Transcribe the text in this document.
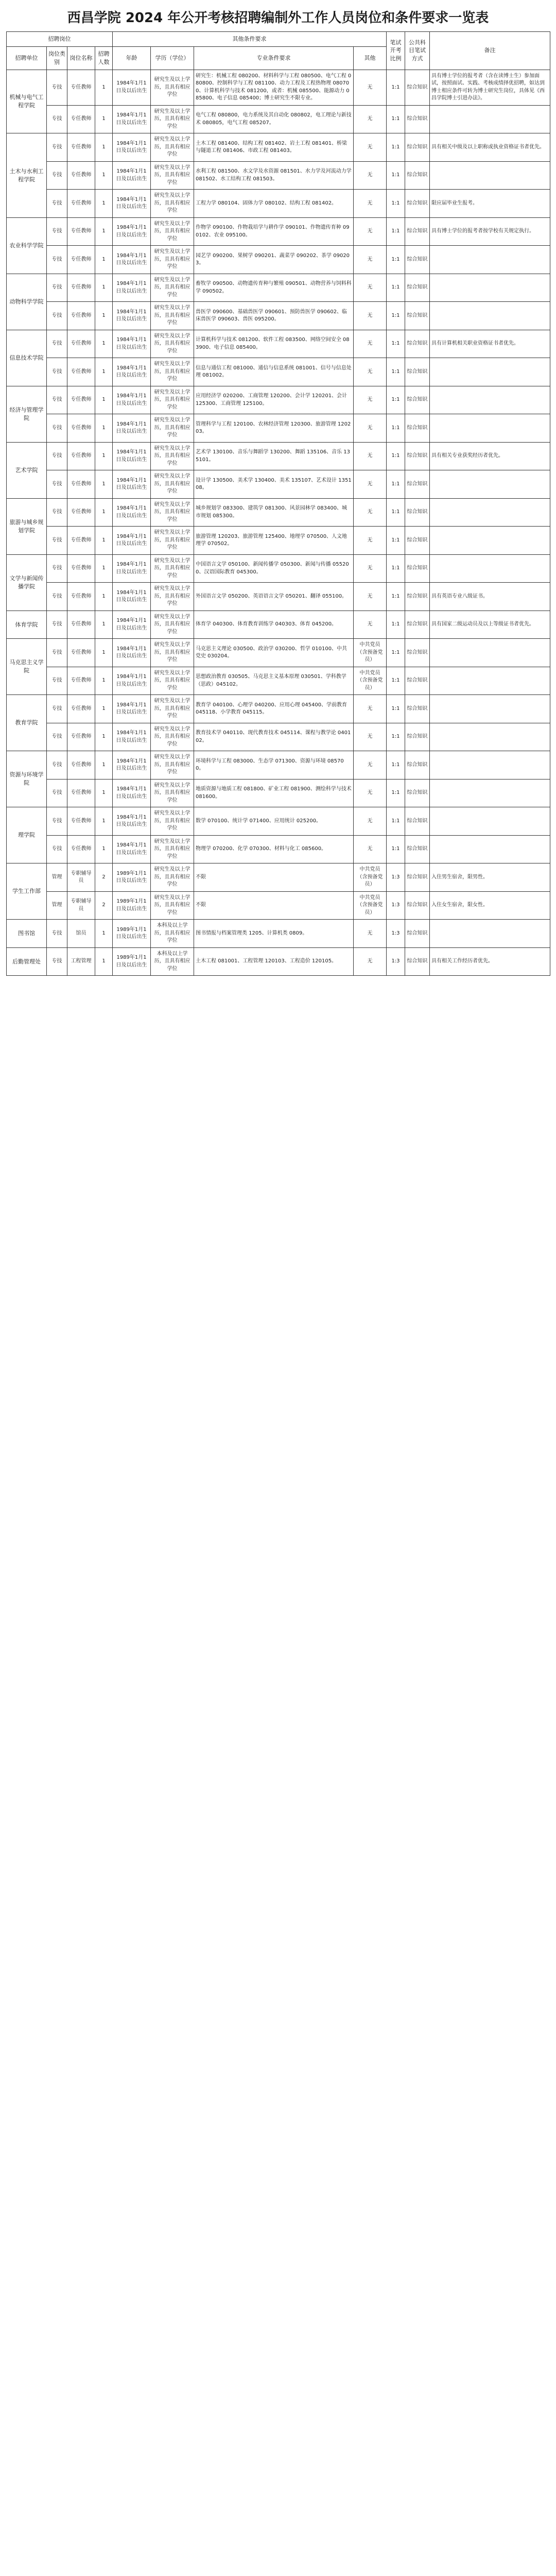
西昌学院 2024 年公开考核招聘编制外工作人员岗位和条件要求一览表
招聘岗位				其他条件要求				笔试开考比例	公共科目笔试方式	备注
招聘单位	岗位类别	岗位名称	招聘人数	年龄	学历（学位）	专业条件要求	其他			
机械与电气工程学院	专技	专任教师	1	1984年1月1日及以后出生	研究生及以上学历，且具有相应学位	研究生：机械工程 080200、材料科学与工程 080500、电气工程 080800、控制科学与工程 081100、动力工程及工程热物理 080700、计算机科学与技术 081200，或者：机械 085500、能源动力 085800、电子信息 085400；博士研究生不限专业。	无	1:1	综合知识	具有博士学位的报考者（含在读博士生）参加面试，按照面试、实践、考核成绩择优招聘，如达到博士相应条件可转为博士研究生岗位，具体见《西昌学院博士引进办法》。
	专技	专任教师	1	1984年1月1日及以后出生	研究生及以上学历，且具有相应学位	电气工程 080800，电力系统及其自动化 080802，电工理论与新技术 080805，电气工程 085207。	无	1:1	综合知识	
土木与水利工程学院	专技	专任教师	1	1984年1月1日及以后出生	研究生及以上学历，且具有相应学位	土木工程 081400、结构工程 081402、岩土工程 081401、桥梁与隧道工程 081406、市政工程 081403。	无	1:1	综合知识	具有相关中级及以上职称或执业资格证书者优先。
	专技	专任教师	1	1984年1月1日及以后出生	研究生及以上学历，且具有相应学位	水利工程 081500、水文学及水资源 081501、水力学及河流动力学 081502、水工结构工程 081503。	无	1:1	综合知识	
	专技	专任教师	1	1984年1月1日及以后出生	研究生及以上学历，且具有相应学位	工程力学 080104、固体力学 080102、结构工程 081402。	无	1:1	综合知识	限应届毕业生报考。
农业科学学院	专技	专任教师	1	1984年1月1日及以后出生	研究生及以上学历，且具有相应学位	作物学 090100、作物栽培学与耕作学 090101、作物遗传育种 090102、农业 095100。	无	1:1	综合知识	具有博士学位的报考者按学校有关规定执行。
	专技	专任教师	1	1984年1月1日及以后出生	研究生及以上学历，且具有相应学位	园艺学 090200、果树学 090201、蔬菜学 090202、茶学 090203。	无	1:1	综合知识	
动物科学学院	专技	专任教师	1	1984年1月1日及以后出生	研究生及以上学历，且具有相应学位	畜牧学 090500、动物遗传育种与繁殖 090501、动物营养与饲料科学 090502。	无	1:1	综合知识	
	专技	专任教师	1	1984年1月1日及以后出生	研究生及以上学历，且具有相应学位	兽医学 090600、基础兽医学 090601、预防兽医学 090602、临床兽医学 090603、兽医 095200。	无	1:1	综合知识	
信息技术学院	专技	专任教师	1	1984年1月1日及以后出生	研究生及以上学历，且具有相应学位	计算机科学与技术 081200、软件工程 083500、网络空间安全 083900、电子信息 085400。	无	1:1	综合知识	具有计算机相关职业资格证书者优先。
	专技	专任教师	1	1984年1月1日及以后出生	研究生及以上学历，且具有相应学位	信息与通信工程 081000、通信与信息系统 081001、信号与信息处理 081002。	无	1:1	综合知识	
经济与管理学院	专技	专任教师	1	1984年1月1日及以后出生	研究生及以上学历，且具有相应学位	应用经济学 020200、工商管理 120200、会计学 120201、会计 125300、工商管理 125100。	无	1:1	综合知识	
	专技	专任教师	1	1984年1月1日及以后出生	研究生及以上学历，且具有相应学位	管理科学与工程 120100、农林经济管理 120300、旅游管理 120203。	无	1:1	综合知识	
艺术学院	专技	专任教师	1	1984年1月1日及以后出生	研究生及以上学历，且具有相应学位	艺术学 130100、音乐与舞蹈学 130200、舞蹈 135106、音乐 135101。	无	1:1	综合知识	具有相关专业获奖经历者优先。
	专技	专任教师	1	1984年1月1日及以后出生	研究生及以上学历，且具有相应学位	设计学 130500、美术学 130400、美术 135107、艺术设计 135108。	无	1:1	综合知识	
旅游与城乡规划学院	专技	专任教师	1	1984年1月1日及以后出生	研究生及以上学历，且具有相应学位	城乡规划学 083300、建筑学 081300、风景园林学 083400、城市规划 085300。	无	1:1	综合知识	
	专技	专任教师	1	1984年1月1日及以后出生	研究生及以上学历，且具有相应学位	旅游管理 120203、旅游管理 125400、地理学 070500、人文地理学 070502。	无	1:1	综合知识	
文学与新闻传播学院	专技	专任教师	1	1984年1月1日及以后出生	研究生及以上学历，且具有相应学位	中国语言文学 050100、新闻传播学 050300、新闻与传播 055200、汉语国际教育 045300。	无	1:1	综合知识	
	专技	专任教师	1	1984年1月1日及以后出生	研究生及以上学历，且具有相应学位	外国语言文学 050200、英语语言文学 050201、翻译 055100。	无	1:1	综合知识	具有英语专业八级证书。
体育学院	专技	专任教师	1	1984年1月1日及以后出生	研究生及以上学历，且具有相应学位	体育学 040300、体育教育训练学 040303、体育 045200。	无	1:1	综合知识	具有国家二级运动员及以上等级证书者优先。
马克思主义学院	专技	专任教师	1	1984年1月1日及以后出生	研究生及以上学历，且具有相应学位	马克思主义理论 030500、政治学 030200、哲学 010100、中共党史 030204。	中共党员（含预备党员）	1:1	综合知识	
	专技	专任教师	1	1984年1月1日及以后出生	研究生及以上学历，且具有相应学位	思想政治教育 030505、马克思主义基本原理 030501、学科教学（思政）045102。	中共党员（含预备党员）	1:1	综合知识	
教育学院	专技	专任教师	1	1984年1月1日及以后出生	研究生及以上学历，且具有相应学位	教育学 040100、心理学 040200、应用心理 045400、学前教育 045118、小学教育 045115。	无	1:1	综合知识	
	专技	专任教师	1	1984年1月1日及以后出生	研究生及以上学历，且具有相应学位	教育技术学 040110、现代教育技术 045114、课程与教学论 040102。	无	1:1	综合知识	
资源与环境学院	专技	专任教师	1	1984年1月1日及以后出生	研究生及以上学历，且具有相应学位	环境科学与工程 083000、生态学 071300、资源与环境 085700。	无	1:1	综合知识	
	专技	专任教师	1	1984年1月1日及以后出生	研究生及以上学历，且具有相应学位	地质资源与地质工程 081800、矿业工程 081900、测绘科学与技术 081600。	无	1:1	综合知识	
理学院	专技	专任教师	1	1984年1月1日及以后出生	研究生及以上学历，且具有相应学位	数学 070100、统计学 071400、应用统计 025200。	无	1:1	综合知识	
	专技	专任教师	1	1984年1月1日及以后出生	研究生及以上学历，且具有相应学位	物理学 070200、化学 070300、材料与化工 085600。	无	1:1	综合知识	
学生工作部	管理	专职辅导员	2	1989年1月1日及以后出生	研究生及以上学历，且具有相应学位	不限	中共党员（含预备党员）	1:3	综合知识	入住男生宿舍，限男性。
	管理	专职辅导员	2	1989年1月1日及以后出生	研究生及以上学历，且具有相应学位	不限	中共党员（含预备党员）	1:3	综合知识	入住女生宿舍，限女性。
图书馆	专技	馆员	1	1989年1月1日及以后出生	本科及以上学历，且具有相应学位	图书情报与档案管理类 1205、计算机类 0809。	无	1:3	综合知识	
后勤管理处	专技	工程管理	1	1989年1月1日及以后出生	本科及以上学历，且具有相应学位	土木工程 081001、工程管理 120103、工程造价 120105。	无	1:3	综合知识	具有相关工作经历者优先。
